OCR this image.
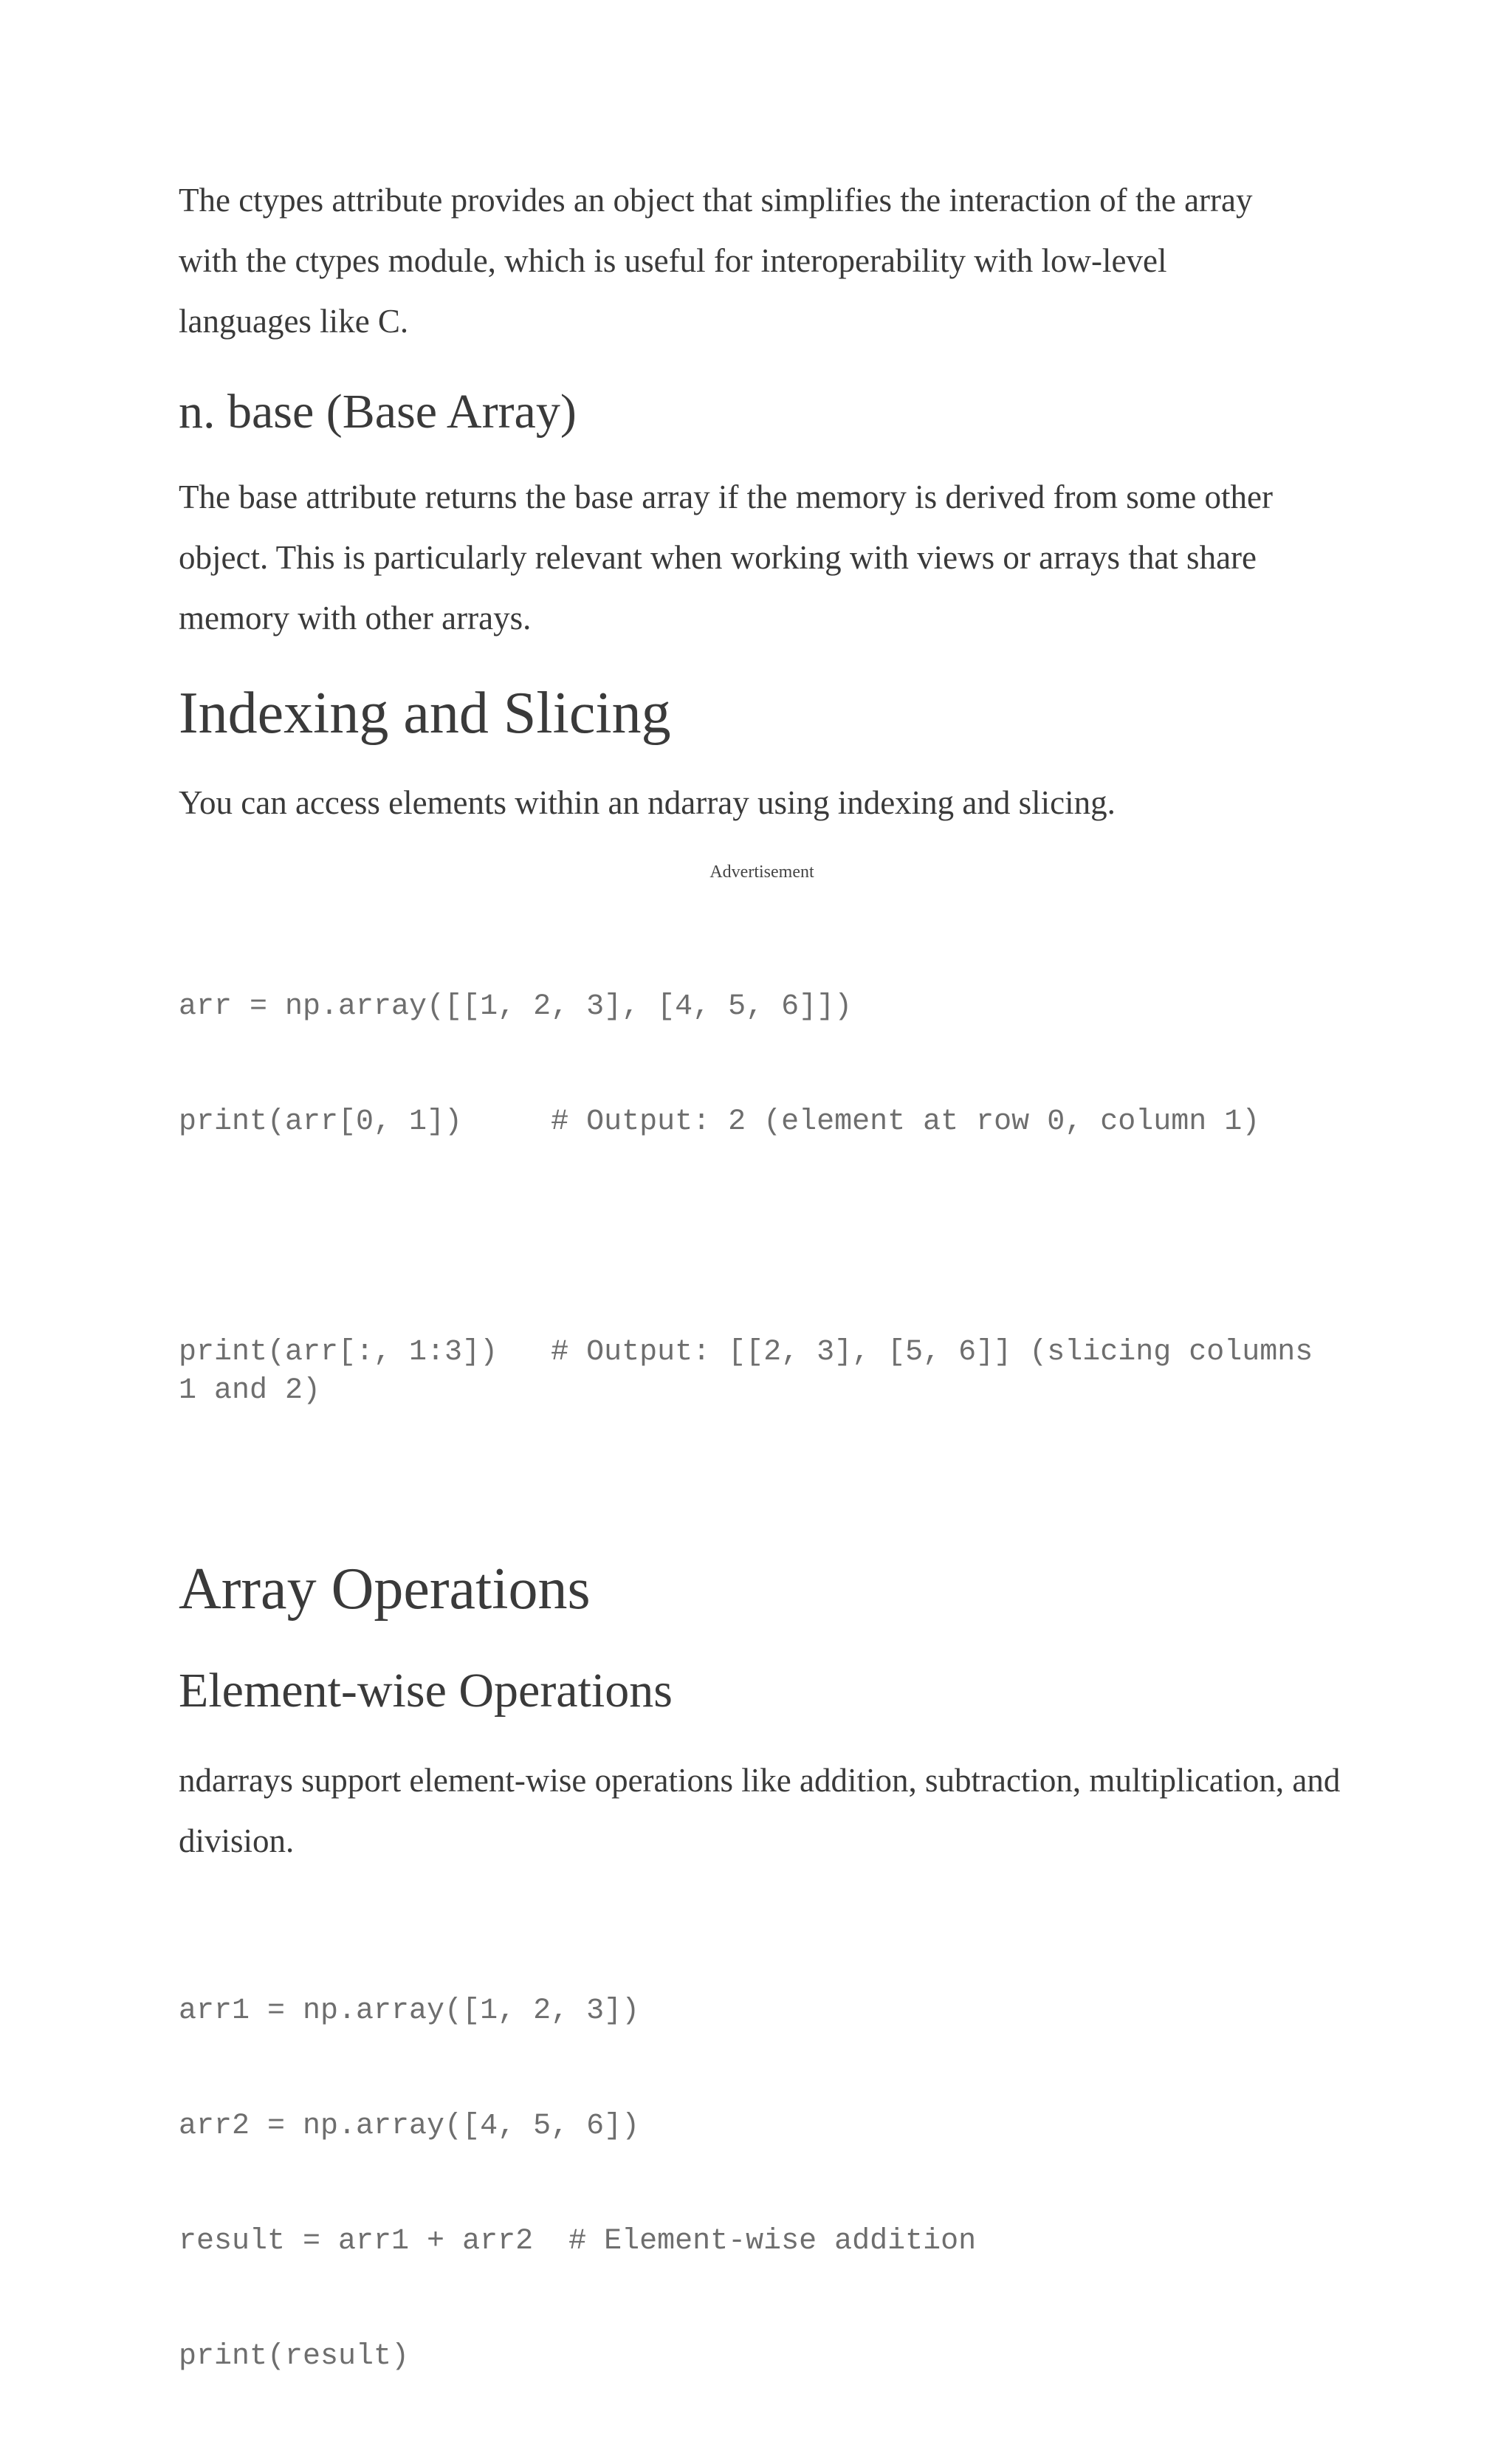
The ctypes attribute provides an object that simplifies the interaction of the array with the ctypes module, which is useful for interoperability with low-level languages like C.

n. base (Base Array)

The base attribute returns the base array if the memory is derived from some other object. This is particularly relevant when working with views or arrays that share memory with other arrays.

Indexing and Slicing

You can access elements within an ndarray using indexing and slicing.

Advertisement

arr = np.array([[1, 2, 3], [4, 5, 6]])

print(arr[0, 1])     # Output: 2 (element at row 0, column 1)

print(arr[:, 1:3])   # Output: [[2, 3], [5, 6]] (slicing columns 1 and 2)

Array Operations
Element-wise Operations

ndarrays support element-wise operations like addition, subtraction, multiplication, and division.

arr1 = np.array([1, 2, 3])

arr2 = np.array([4, 5, 6])

result = arr1 + arr2  # Element-wise addition

print(result)
